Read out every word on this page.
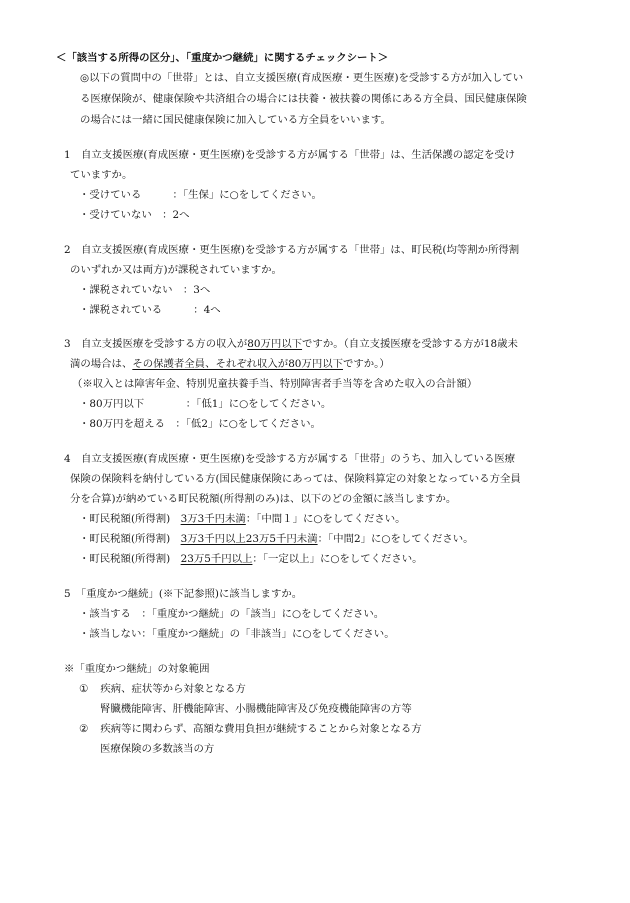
＜「該当する所得の区分」、「重度かつ継続」に関するチェックシート＞
◎以下の質問中の「世帯」とは、自立支援医療(育成医療・更生医療)を受診する方が加入してい
る医療保険が、健康保険や共済組合の場合には扶養・被扶養の関係にある方全員、国民健康保険
の場合には一緒に国民健康保険に加入している方全員をいいます。
1　自立支援医療(育成医療・更生医療)を受診する方が属する「世帯」は、生活保護の認定を受け
ていますか。
・受けている　　　：「生保」に○をしてください。
・受けていない　：2へ
2　自立支援医療(育成医療・更生医療)を受診する方が属する「世帯」は、町民税(均等割か所得割
のいずれか又は両方)が課税されていますか。
・課税されていない　：3へ
・課税されている　　　：4へ
3　自立支援医療を受診する方の収入が80万円以下ですか。（自立支援医療を受診する方が18歳未
満の場合は、その保護者全員、それぞれ収入が80万円以下ですか。）
（※収入とは障害年金、特別児童扶養手当、特別障害者手当等を含めた収入の合計額）
・80万円以下　　　　：「低1」に○をしてください。
・80万円を超える　：「低2」に○をしてください。
4　自立支援医療(育成医療・更生医療)を受診する方が属する「世帯」のうち、加入している医療
保険の保険料を納付している方(国民健康保険にあっては、保険料算定の対象となっている方全員
分を合算)が納めている町民税額(所得割のみ)は、以下のどの金額に該当しますか。
・町民税額(所得割)　3万3千円未満：「中間１」に○をしてください。
・町民税額(所得割)　3万3千円以上23万5千円未満：「中間2」に○をしてください。
・町民税額(所得割)　23万5千円以上：「一定以上」に○をしてください。
5　「重度かつ継続」(※下記参照)に該当しますか。
・該当する　：「重度かつ継続」の「該当」に○をしてください。
・該当しない：「重度かつ継続」の「非該当」に○をしてください。
※「重度かつ継続」の対象範囲
① 疾病、症状等から対象となる方
腎臓機能障害、肝機能障害、小腸機能障害及び免疫機能障害の方等
② 疾病等に関わらず、高額な費用負担が継続することから対象となる方
医療保険の多数該当の方
